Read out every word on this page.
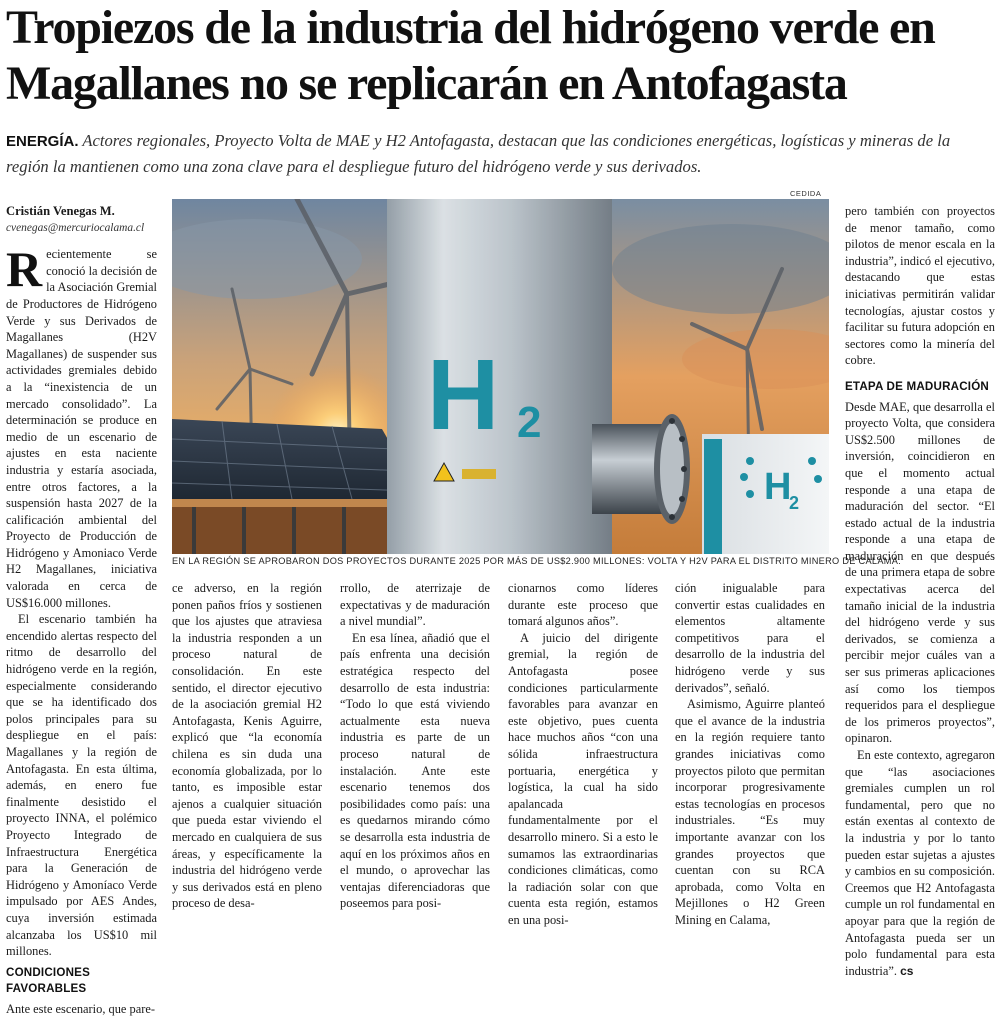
Tropiezos de la industria del hidrógeno verde en Magallanes no se replicarán en Antofagasta
ENERGÍA. Actores regionales, Proyecto Volta de MAE y H2 Antofagasta, destacan que las condiciones energéticas, logísticas y mineras de la región la mantienen como una zona clave para el despliegue futuro del hidrógeno verde y sus derivados.
Cristián Venegas M.
cvenegas@mercuriocalama.cl

Recientemente se conoció la decisión de la Asociación Gremial de Productores de Hidrógeno Verde y sus Derivados de Magallanes (H2V Magallanes) de suspender sus actividades gremiales debido a la “inexistencia de un mercado consolidado”. La determinación se produce en medio de un escenario de ajustes en esta naciente industria y estaría asociada, entre otros factores, a la suspensión hasta 2027 de la calificación ambiental del Proyecto de Producción de Hidrógeno y Amoniaco Verde H2 Magallanes, iniciativa valorada en cerca de US$16.000 millones.

El escenario también ha encendido alertas respecto del ritmo de desarrollo del hidrógeno verde en la región, especialmente considerando que se ha identificado dos polos principales para su despliegue en el país: Magallanes y la región de Antofagasta. En esta última, además, en enero fue finalmente desistido el proyecto INNA, el polémico Proyecto Integrado de Infraestructura Energética para la Generación de Hidrógeno y Amoníaco Verde impulsado por AES Andes, cuya inversión estimada alcanzaba los US$10 mil millones.

CONDICIONES FAVORABLES

Ante este escenario, que pare-

CEDIDA
H 2
H
2
EN LA REGIÓN SE APROBARON DOS PROYECTOS DURANTE 2025 POR MÁS DE US$2.900 MILLONES: VOLTA Y H2V PARA EL DISTRITO MINERO DE CALAMA.

ce adverso, en la región ponen paños fríos y sostienen que los ajustes que atraviesa la industria responden a un proceso natural de consolidación. En este sentido, el director ejecutivo de la asociación gremial H2 Antofagasta, Kenis Aguirre, explicó que “la economía chilena es sin duda una economía globalizada, por lo tanto, es imposible estar ajenos a cualquier situación que pueda estar viviendo el mercado en cualquiera de sus áreas, y específicamente la industria del hidrógeno verde y sus derivados está en pleno proceso de desa-

rrollo, de aterrizaje de expectativas y de maduración a nivel mundial”.

En esa línea, añadió que el país enfrenta una decisión estratégica respecto del desarrollo de esta industria: “Todo lo que está viviendo actualmente esta nueva industria es parte de un proceso natural de instalación. Ante este escenario tenemos dos posibilidades como país: una es quedarnos mirando cómo se desarrolla esta industria de aquí en los próximos años en el mundo, o aprovechar las ventajas diferenciadoras que poseemos para posi-

cionarnos como líderes durante este proceso que tomará algunos años”.

A juicio del dirigente gremial, la región de Antofagasta posee condiciones particularmente favorables para avanzar en este objetivo, pues cuenta hace muchos años “con una sólida infraestructura portuaria, energética y logística, la cual ha sido apalancada fundamentalmente por el desarrollo minero. Si a esto le sumamos las extraordinarias condiciones climáticas, como la radiación solar con que cuenta esta región, estamos en una posi-

ción inigualable para convertir estas cualidades en elementos altamente competitivos para el desarrollo de la industria del hidrógeno verde y sus derivados”, señaló.

Asimismo, Aguirre planteó que el avance de la industria en la región requiere tanto grandes iniciativas como proyectos piloto que permitan incorporar progresivamente estas tecnologías en procesos industriales. “Es muy importante avanzar con los grandes proyectos que cuentan con su RCA aprobada, como Volta en Mejillones o H2 Green Mining en Calama,

pero también con proyectos de menor tamaño, como pilotos de menor escala en la industria”, indicó el ejecutivo, destacando que estas iniciativas permitirán validar tecnologías, ajustar costos y facilitar su futura adopción en sectores como la minería del cobre.

ETAPA DE MADURACIÓN

Desde MAE, que desarrolla el proyecto Volta, que considera US$2.500 millones de inversión, coincidieron en que el momento actual responde a una etapa de maduración del sector. “El estado actual de la industria responde a una etapa de maduración en que después de una primera etapa de sobre expectativas acerca del tamaño inicial de la industria del hidrógeno verde y sus derivados, se comienza a percibir mejor cuáles van a ser sus primeras aplicaciones así como los tiempos requeridos para el despliegue de los primeros proyectos”, opinaron.

En este contexto, agregaron que “las asociaciones gremiales cumplen un rol fundamental, pero que no están exentas al contexto de la industria y por lo tanto pueden estar sujetas a ajustes y cambios en su composición. Creemos que H2 Antofagasta cumple un rol fundamental en apoyar para que la región de Antofagasta pueda ser un polo fundamental para esta industria”. cs
